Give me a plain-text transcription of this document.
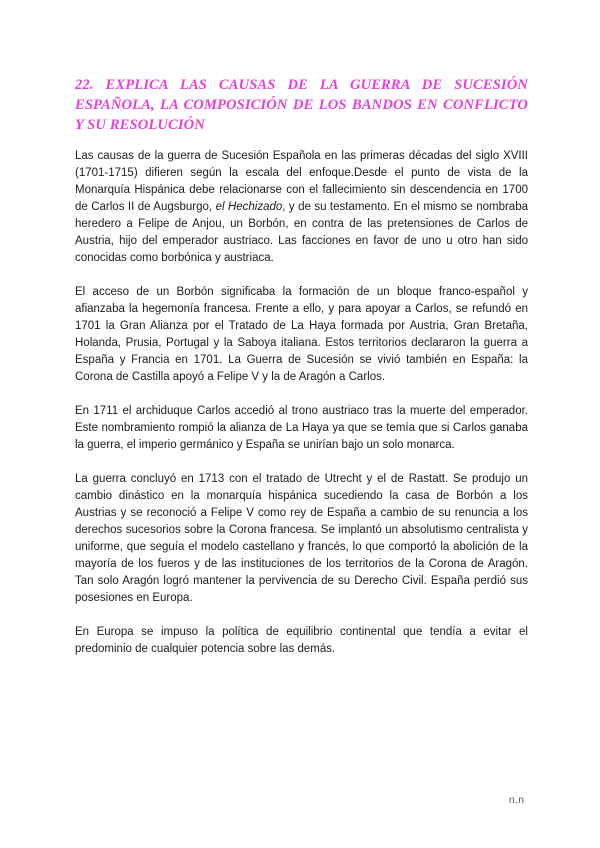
22. EXPLICA LAS CAUSAS DE LA GUERRA DE SUCESIÓN ESPAÑOLA, LA COMPOSICIÓN DE LOS BANDOS EN CONFLICTO Y SU RESOLUCIÓN

Las causas de la guerra de Sucesión Española en las primeras décadas del siglo XVIII (1701-1715) difieren según la escala del enfoque.Desde el punto de vista de la Monarquía Hispánica debe relacionarse con el fallecimiento sin descendencia en 1700 de Carlos II de Augsburgo, el Hechizado, y de su testamento. En el mismo se nombraba heredero a Felipe de Anjou, un Borbón, en contra de las pretensiones de Carlos de Austria, hijo del emperador austriaco. Las facciones en favor de uno u otro han sido conocidas como borbónica y austriaca.

El acceso de un Borbón significaba la formación de un bloque franco-español y afianzaba la hegemonía francesa. Frente a ello, y para apoyar a Carlos, se refundó en 1701 la Gran Alianza por el Tratado de La Haya formada por Austria, Gran Bretaña, Holanda, Prusia, Portugal y la Saboya italiana. Estos territorios declararon la guerra a España y Francia en 1701. La Guerra de Sucesión se vivió también en España: la Corona de Castilla apoyó a Felipe V y la de Aragón a Carlos.

En 1711 el archiduque Carlos accedió al trono austriaco tras la muerte del emperador. Este nombramiento rompió la alianza de La Haya ya que se temía que si Carlos ganaba la guerra, el imperio germánico y España se unirían bajo un solo monarca.

La guerra concluyó en 1713 con el tratado de Utrecht y el de Rastatt. Se produjo un cambio dinástico en la monarquía hispánica sucediendo la casa de Borbón a los Austrias y se reconoció a Felipe V como rey de España a cambio de su renuncia a los derechos sucesorios sobre la Corona francesa. Se implantó un absolutismo centralista y uniforme, que seguía el modelo castellano y francés, lo que comportó la abolición de la mayoría de los fueros y de las instituciones de los territorios de la Corona de Aragón. Tan solo Aragón logró mantener la pervivencia de su Derecho Civil. España perdió sus posesiones en Europa.

En Europa se impuso la política de equilibrio continental que tendía a evitar el predominio de cualquier potencia sobre las demás.

n.n
